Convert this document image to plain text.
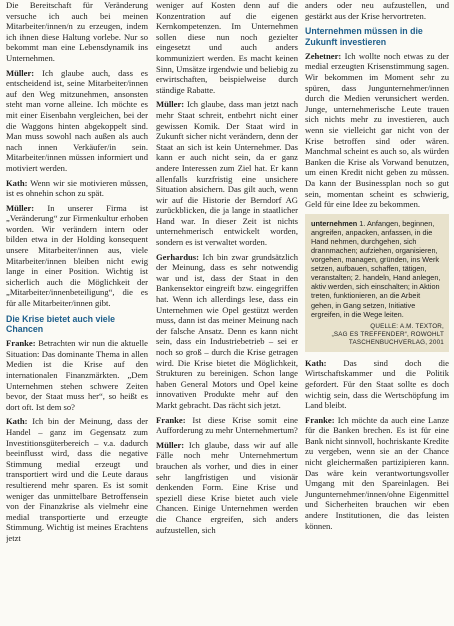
Die Bereitschaft für Veränderung versuche ich auch bei meinen Mitarbeiter/innen/n zu erzeugen, indem ich ihnen diese Haltung vorlebe. Nur so bekommt man eine Lebensdynamik ins Unternehmen.

Müller: Ich glaube auch, dass es entscheidend ist, seine Mitarbeiter/innen auf den Weg mitzunehmen, ansonsten steht man vorne alleine. Ich möchte es mit einer Eisenbahn vergleichen, bei der die Waggons hinten abgekoppelt sind. Man muss sowohl nach außen als auch nach innen Verkäufer/in sein. Mitarbeiter/innen müssen informiert und motiviert werden.

Kath: Wenn wir sie motivieren müssen, ist es ohnehin schon zu spät.

Müller: In unserer Firma ist „Veränderung“ zur Firmenkultur erhoben worden. Wir verändern intern oder bilden etwa in der Holding konsequent unsere Mitarbeiter/innen aus, viele Mitarbeiter/innen bleiben nicht ewig lange in einer Position. Wichtig ist sicherlich auch die Möglichkeit der „Mitarbeiter/innenbeteiligung“, die es für alle Mitarbeiter/innen gibt.

Die Krise bietet auch viele Chancen

Franke: Betrachten wir nun die aktuelle Situation: Das dominante Thema in allen Medien ist die Krise auf den internationalen Finanzmärkten. „Dem Unternehmen stehen schwere Zeiten bevor, der Staat muss her“, so heißt es dort oft. Ist dem so?

Kath: Ich bin der Meinung, dass der Handel – ganz im Gegensatz zum Investitionsgüterbereich – v.a. dadurch beeinflusst wird, dass die negative Stimmung medial erzeugt und transportiert wird und die Leute daraus resultierend mehr sparen. Es ist somit weniger das unmittelbare Betroffensein von der Finanzkrise als vielmehr eine medial transportierte und erzeugte Stimmung. Wichtig ist meines Erachtens jetzt

weniger auf Kosten denn auf die Konzentration auf die eigenen Kernkompetenzen. Im Unternehmen sollen diese nun noch gezielter eingesetzt und auch anders kommuniziert werden. Es macht keinen Sinn, Umsätze irgendwie und beliebig zu erwirtschaften, beispielweise durch ständige Rabatte.

Müller: Ich glaube, dass man jetzt nach mehr Staat schreit, entbehrt nicht einer gewissen Komik. Der Staat wird in Zukunft sicher nicht verändern, denn der Staat an sich ist kein Unternehmer. Das kann er auch nicht sein, da er ganz andere Interessen zum Ziel hat. Er kann allenfalls kurzfristig eine unsichere Situation absichern. Das gilt auch, wenn wir auf die Historie der Berndorf AG zurückblicken, die ja lange in staatlicher Hand war. In dieser Zeit ist nichts unternehmerisch entwickelt worden, sondern es ist verwaltet worden.

Gerhardus: Ich bin zwar grundsätzlich der Meinung, dass es sehr notwendig war und ist, dass der Staat in den Bankensektor eingreift bzw. eingegriffen hat. Wenn ich allerdings lese, dass ein Unternehmen wie Opel gestützt werden muss, dann ist das meiner Meinung nach der falsche Ansatz. Denn es kann nicht sein, dass ein Industriebetrieb – sei er noch so groß – durch die Krise getragen wird. Die Krise bietet die Möglichkeit, Strukturen zu bereinigen. Schon lange haben General Motors und Opel keine innovativen Produkte mehr auf den Markt gebracht. Das rächt sich jetzt.

Franke: Ist diese Krise somit eine Aufforderung zu mehr Unternehmertum?

Müller: Ich glaube, dass wir auf alle Fälle noch mehr Unternehmertum brauchen als vorher, und dies in einer sehr langfristigen und visionär denkenden Form. Eine Krise und speziell diese Krise bietet auch viele Chancen. Einige Unternehmen werden die Chance ergreifen, sich anders aufzustellen, sich

anders oder neu aufzustellen, und gestärkt aus der Krise hervortreten.

Unternehmen müssen in die Zukunft investieren

Zehetner: Ich wollte noch etwas zu der medial erzeugten Krisenstimmung sagen. Wir bekommen im Moment sehr zu spüren, dass Jungunternehmer/innen durch die Medien verunsichert werden. Junge, unternehmerische Leute trauen sich nichts mehr zu investieren, auch wenn sie vielleicht gar nicht von der Krise betroffen sind oder wären. Manchmal scheint es auch so, als würden Banken die Krise als Vorwand benutzen, um einen Kredit nicht geben zu müssen. Da kann der Businessplan noch so gut sein, momentan scheint es schwierig, Geld für eine Idee zu bekommen.

unternehmen 1. Anfangen, beginnen, angreifen, anpacken, anfassen, in die Hand nehmen, durchgehen, sich drannmachen; aufziehen, organisieren, vorgehen, managen, gründen, ins Werk setzen, aufbauen, schaffen, tätigen, veranstalten; 2. handeln, Hand anlegen, aktiv werden, sich einschalten; in Aktion treten, funktionieren, an die Arbeit gehen, in Gang setzen, Initiative ergreifen, in die Wege leiten.
QUELLE: A.M. TEXTOR,
„SAG ES TREFFENDER“, ROWOHLT
TASCHENBUCHVERLAG, 2001

Kath: Das sind doch die Wirtschaftskammer und die Politik gefordert. Für den Staat sollte es doch wichtig sein, dass die Wertschöpfung im Land bleibt.

Franke: Ich möchte da auch eine Lanze für die Banken brechen. Es ist für eine Bank nicht sinnvoll, hochriskante Kredite zu vergeben, wenn sie an der Chance nicht gleichermaßen partizipieren kann. Das wäre kein verantwortungsvoller Umgang mit den Spareinlagen. Bei Jungunternehmer/innen/ohne Eigenmittel und Sicherheiten brauchen wir eben andere Institutionen, die das leisten können.
